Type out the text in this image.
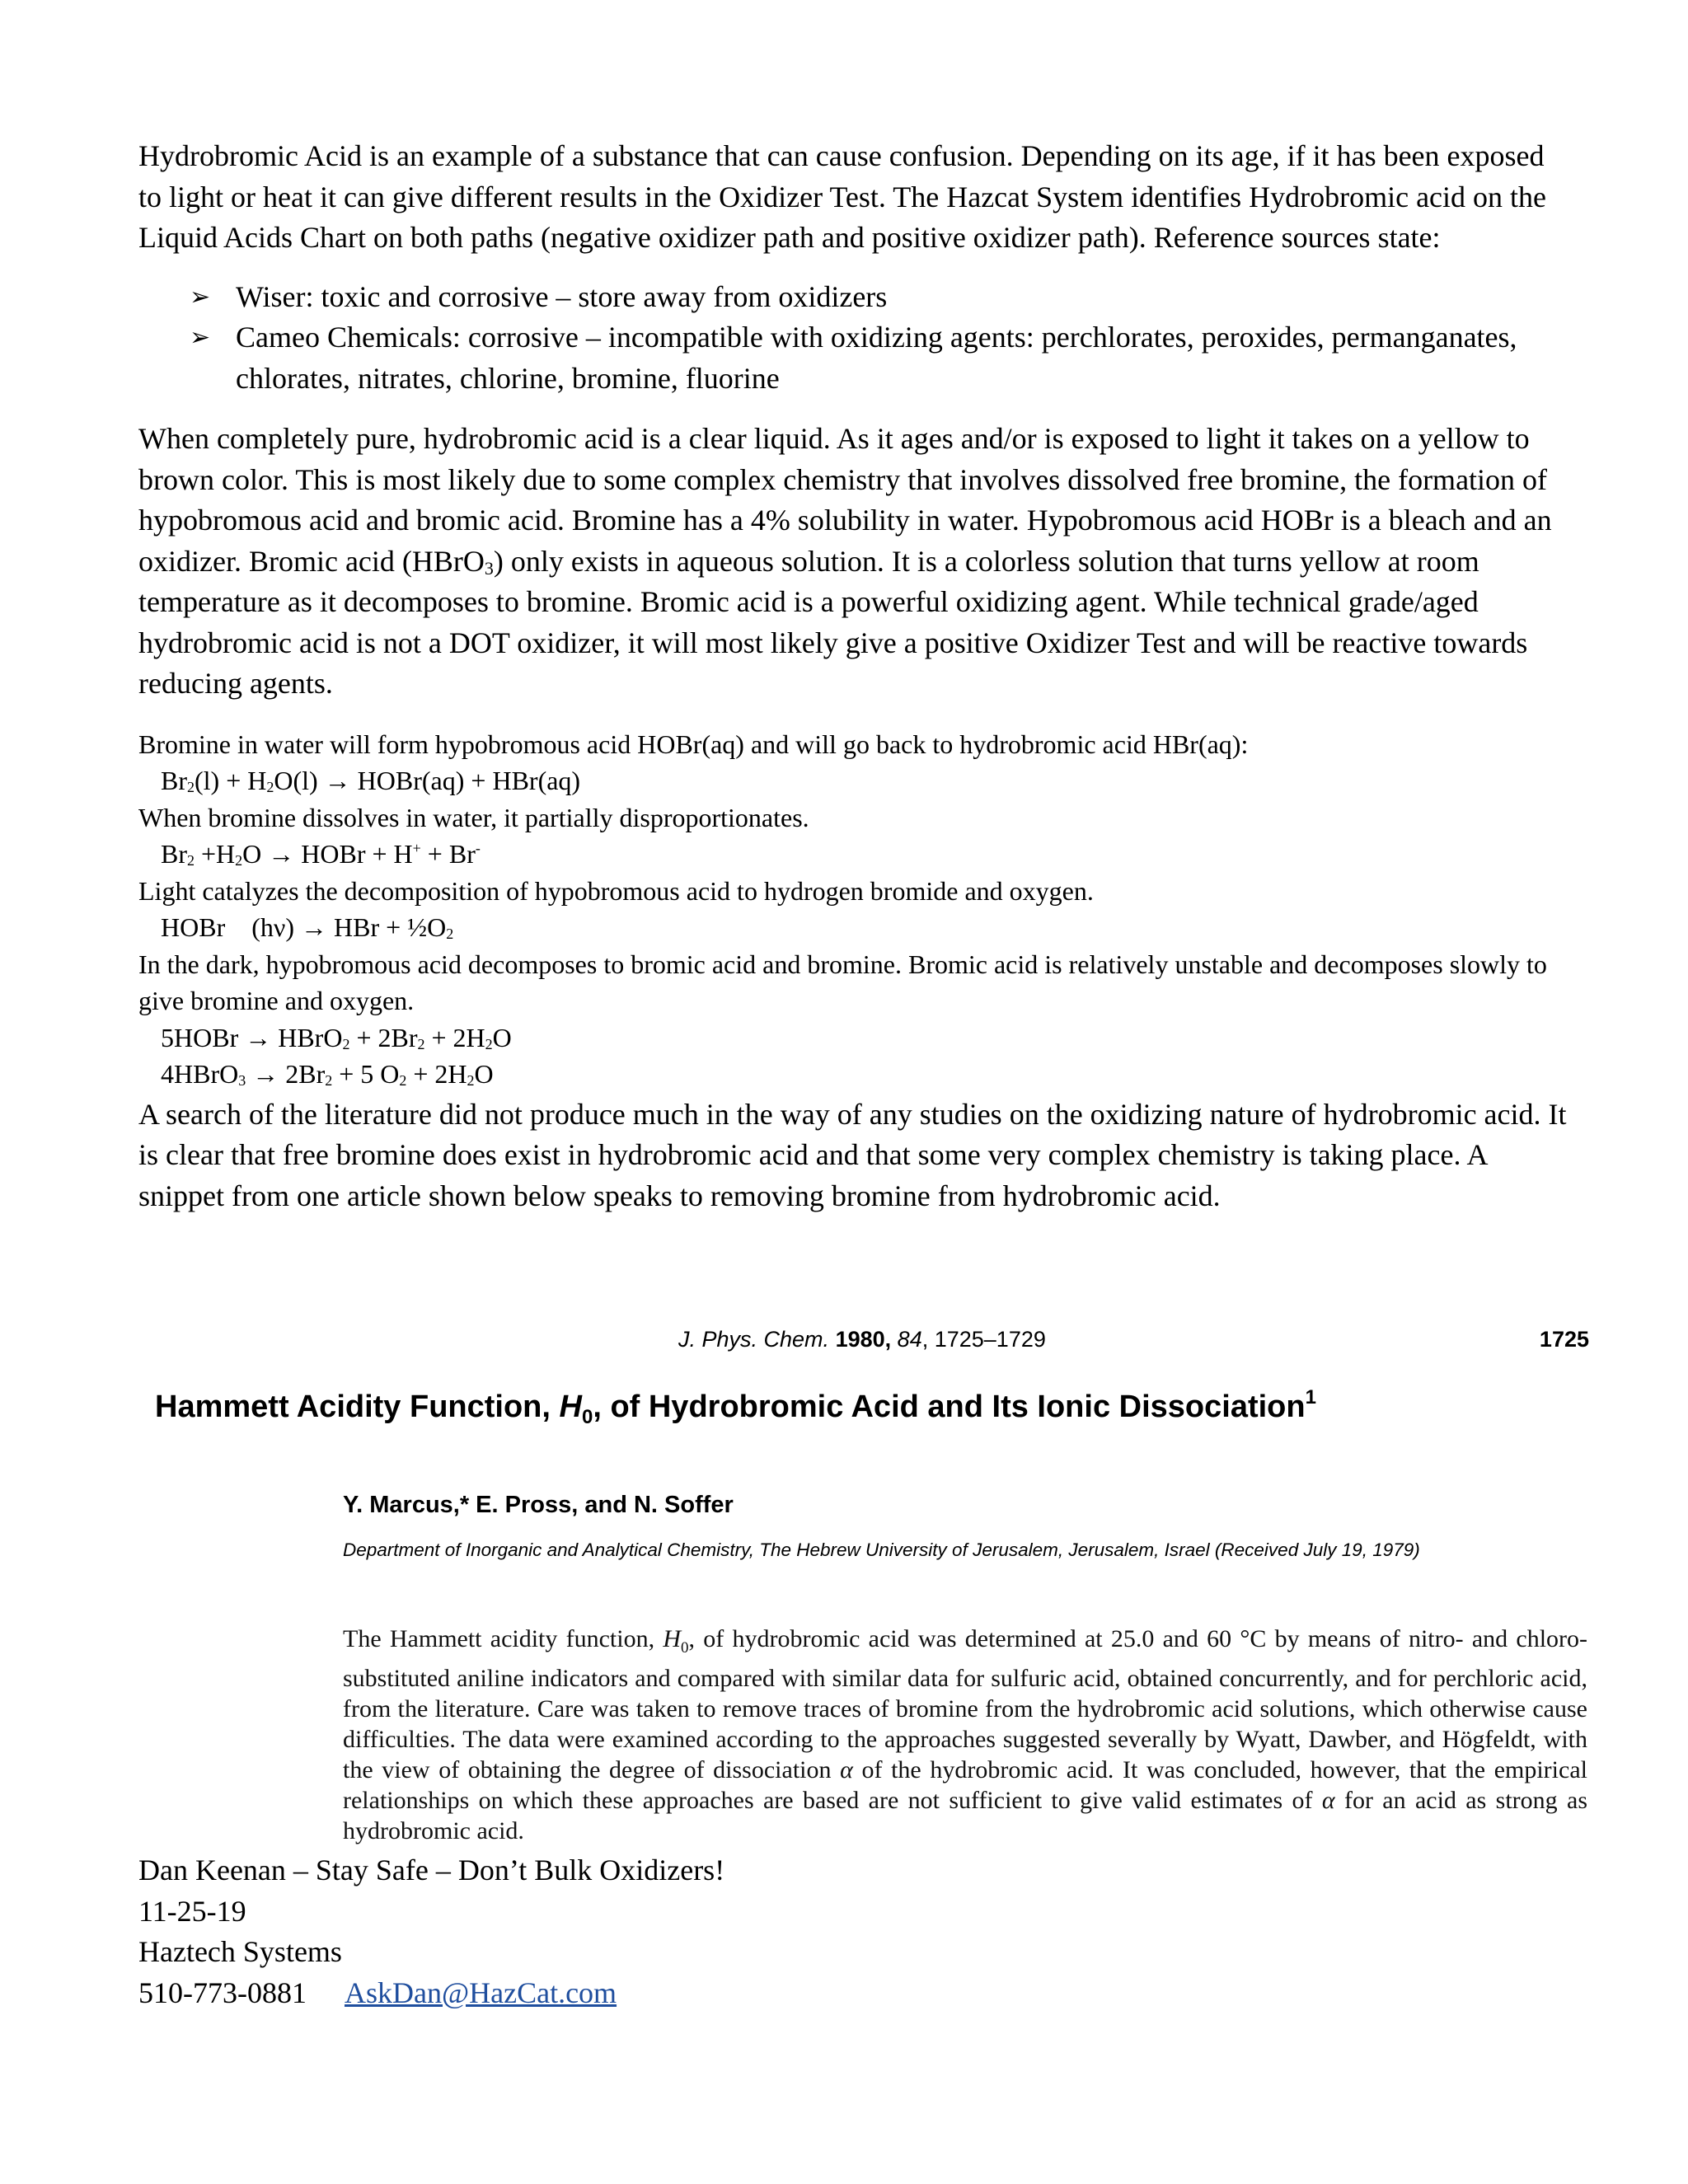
Hydrobromic Acid is an example of a substance that can cause confusion. Depending on its age, if it has been exposed to light or heat it can give different results in the Oxidizer Test. The Hazcat System identifies Hydrobromic acid on the Liquid Acids Chart on both paths (negative oxidizer path and positive oxidizer path). Reference sources state:

➢ Wiser: toxic and corrosive – store away from oxidizers
➢ Cameo Chemicals: corrosive – incompatible with oxidizing agents: perchlorates, peroxides, permanganates, chlorates, nitrates, chlorine, bromine, fluorine

When completely pure, hydrobromic acid is a clear liquid. As it ages and/or is exposed to light it takes on a yellow to brown color. This is most likely due to some complex chemistry that involves dissolved free bromine, the formation of hypobromous acid and bromic acid. Bromine has a 4% solubility in water. Hypobromous acid HOBr is a bleach and an oxidizer. Bromic acid (HBrO$_3$) only exists in aqueous solution. It is a colorless solution that turns yellow at room temperature as it decomposes to bromine. Bromic acid is a powerful oxidizing agent. While technical grade/aged hydrobromic acid is not a DOT oxidizer, it will most likely give a positive Oxidizer Test and will be reactive towards reducing agents.

Bromine in water will form hypobromous acid HOBr(aq) and will go back to hydrobromic acid HBr(aq):
$Br_2(l) + H_2O(l)$ → HOBr(aq) + HBr(aq)
When bromine dissolves in water, it partially disproportionates.
$Br_2 +H_2O$ → HOBr + H+ + Br-
Light catalyzes the decomposition of hypobromous acid to hydrogen bromide and oxygen.
HOBr    (hν) → HBr + $\frac{1}{2}O_2$
In the dark, hypobromous acid decomposes to bromic acid and bromine. Bromic acid is relatively unstable and decomposes slowly to give bromine and oxygen.
5HOBr → HBrO$_2$ + $2Br_2 + 2H_2O$
4HBrO$_3$ → $2Br_2 + 5$ $O_2 + 2H_2O$

A search of the literature did not produce much in the way of any studies on the oxidizing nature of hydrobromic acid. It is clear that free bromine does exist in hydrobromic acid and that some very complex chemistry is taking place. A snippet from one article shown below speaks to removing bromine from hydrobromic acid.

J. Phys. Chem. 1980, 84, 1725–1729	1725
Hammett Acidity Function, $H_0$, of Hydrobromic Acid and Its Ionic Dissociation$^1$
Y. Marcus,* E. Pross, and N. Soffer
Department of Inorganic and Analytical Chemistry, The Hebrew University of Jerusalem, Jerusalem, Israel (Received July 19, 1979)
The Hammett acidity function, $H_0$, of hydrobromic acid was determined at 25.0 and 60 °C by means of nitro- and chloro-substituted aniline indicators and compared with similar data for sulfuric acid, obtained concurrently, and for perchloric acid, from the literature. Care was taken to remove traces of bromine from the hydrobromic acid solutions, which otherwise cause difficulties. The data were examined according to the approaches suggested severally by Wyatt, Dawber, and Högfeldt, with the view of obtaining the degree of dissociation α of the hydrobromic acid. It was concluded, however, that the empirical relationships on which these approaches are based are not sufficient to give valid estimates of α for an acid as strong as hydrobromic acid.
Dan Keenan – Stay Safe – Don’t Bulk Oxidizers!
11-25-19
Haztech Systems
510-773-0881 AskDan@HazCat.com
